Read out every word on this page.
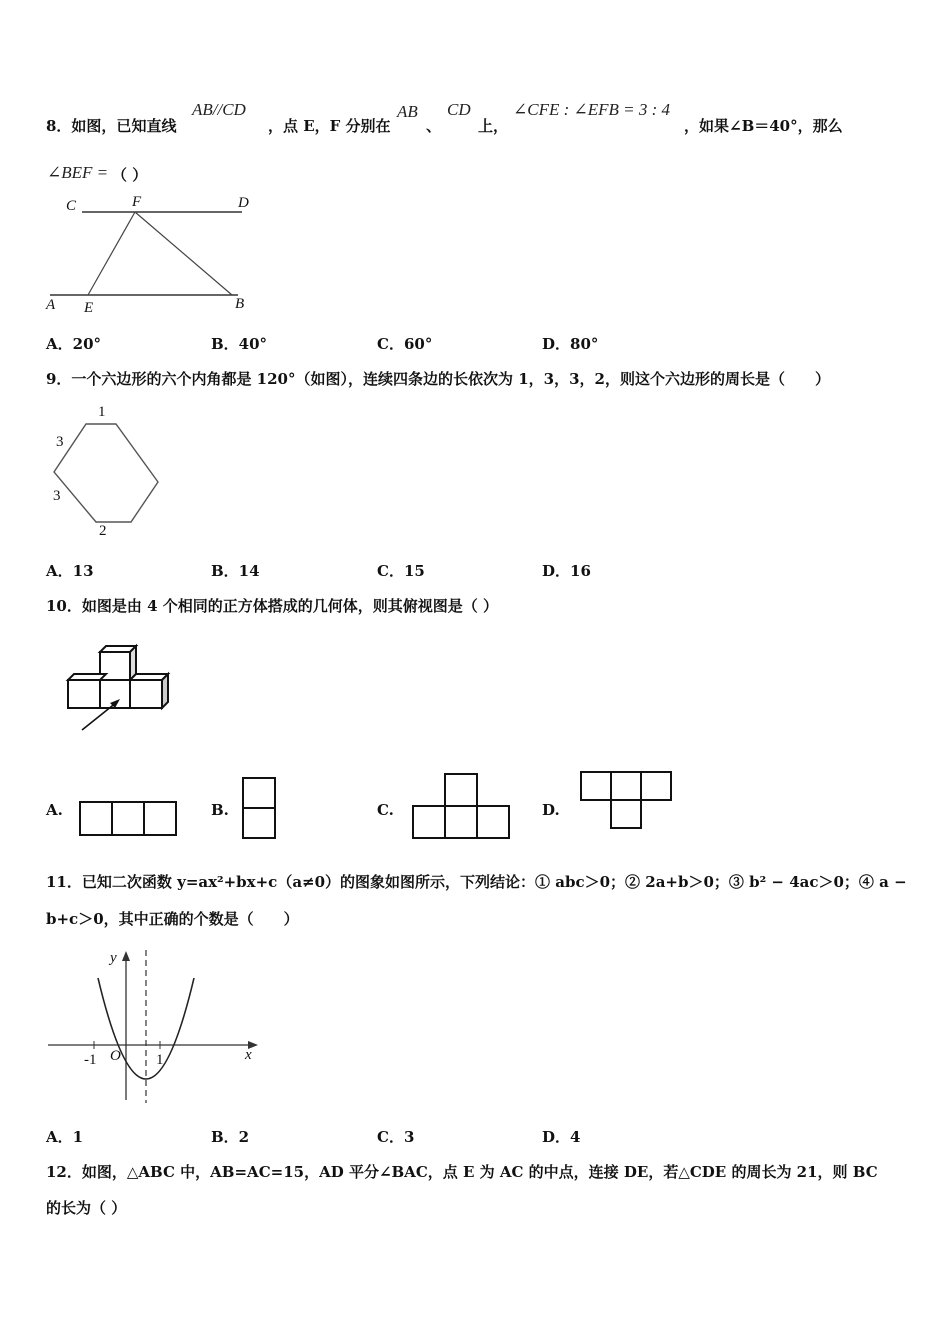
8．如图，已知直线
AB//CD
，点 E，F 分别在
AB
、
CD
上，
∠CFE : ∠EFB = 3 : 4
，如果∠B＝40°，那么
∠BEF = （ ）
C	F	D
A E	B
A．20°	B．40°	C．60°	D．80°
9．一个六边形的六个内角都是 120°（如图），连续四条边的长依次为 1，3，3，2，则这个六边形的周长是（　　）
1
3
3
2
A．13	B．14	C．15	D．16
10．如图是由 4 个相同的正方体搭成的几何体，则其俯视图是（ ）
A.	B.	C.	D.
11．已知二次函数 y=ax²+bx+c（a≠0）的图象如图所示，下列结论：① abc＞0；② 2a+b＞0；③ b² − 4ac＞0；④ a −
b+c＞0，其中正确的个数是（　　）
y
x
-1 O 1
A．1	B．2	C．3	D．4
12．如图，△ABC 中，AB=AC=15，AD 平分∠BAC，点 E 为 AC 的中点，连接 DE，若△CDE 的周长为 21，则 BC
的长为（ ）
